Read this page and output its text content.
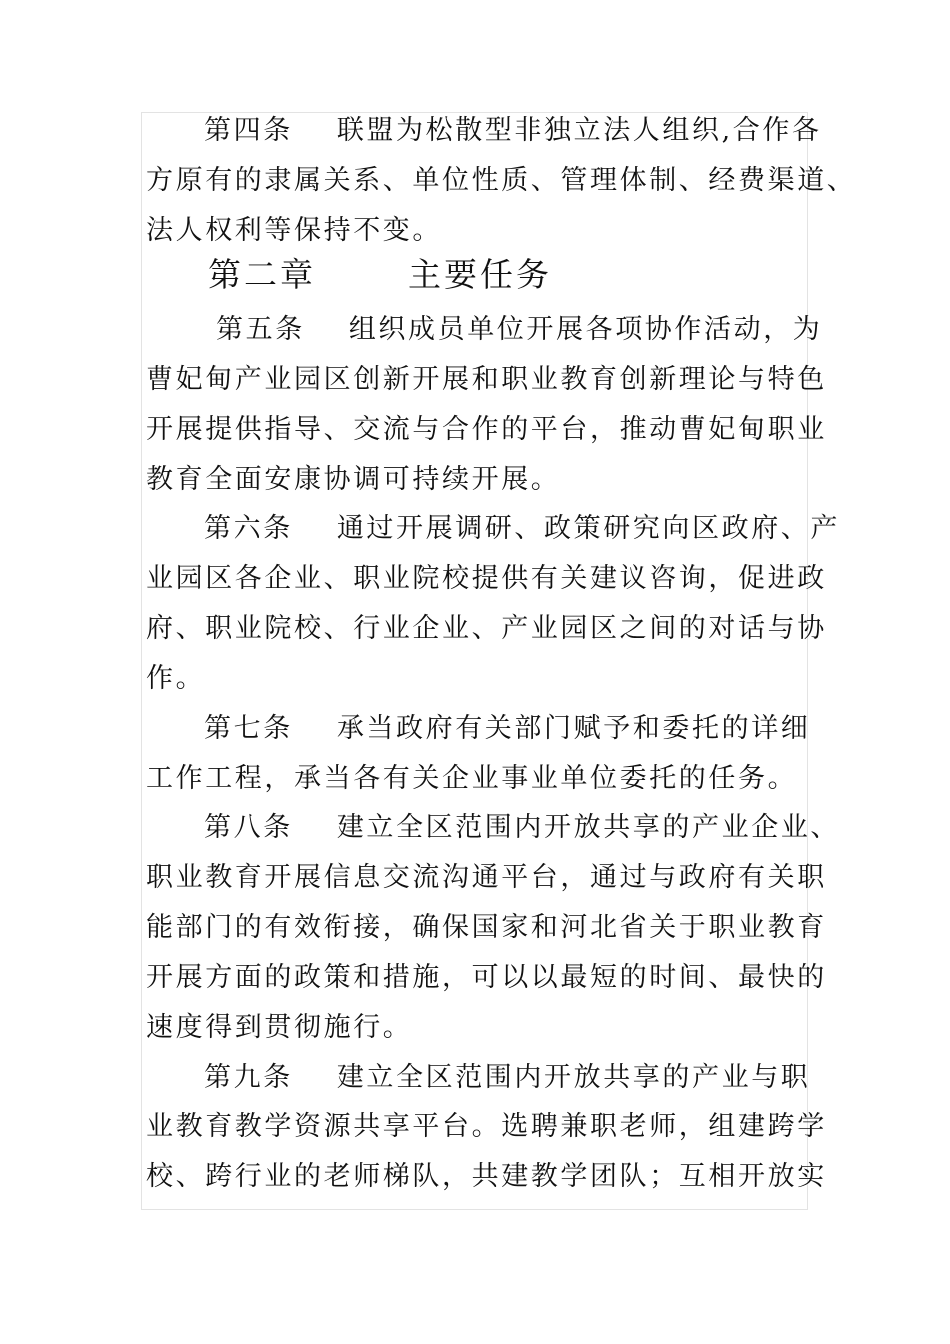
第四条 联盟为松散型非独立法人组织,合作各
方原有的隶属关系、单位性质、管理体制、经费渠道、
法人权利等保持不变。
第二章	主要任务
第五条 组织成员单位开展各项协作活动，为
曹妃甸产业园区创新开展和职业教育创新理论与特色
开展提供指导、交流与合作的平台，推动曹妃甸职业
教育全面安康协调可持续开展。
第六条 通过开展调研、政策研究向区政府、产
业园区各企业、职业院校提供有关建议咨询，促进政
府、职业院校、行业企业、产业园区之间的对话与协
作。
第七条 承当政府有关部门赋予和委托的详细
工作工程，承当各有关企业事业单位委托的任务。
第八条 建立全区范围内开放共享的产业企业、
职业教育开展信息交流沟通平台，通过与政府有关职
能部门的有效衔接，确保国家和河北省关于职业教育
开展方面的政策和措施，可以以最短的时间、最快的
速度得到贯彻施行。
第九条 建立全区范围内开放共享的产业与职
业教育教学资源共享平台。选聘兼职老师，组建跨学
校、跨行业的老师梯队，共建教学团队；互相开放实
